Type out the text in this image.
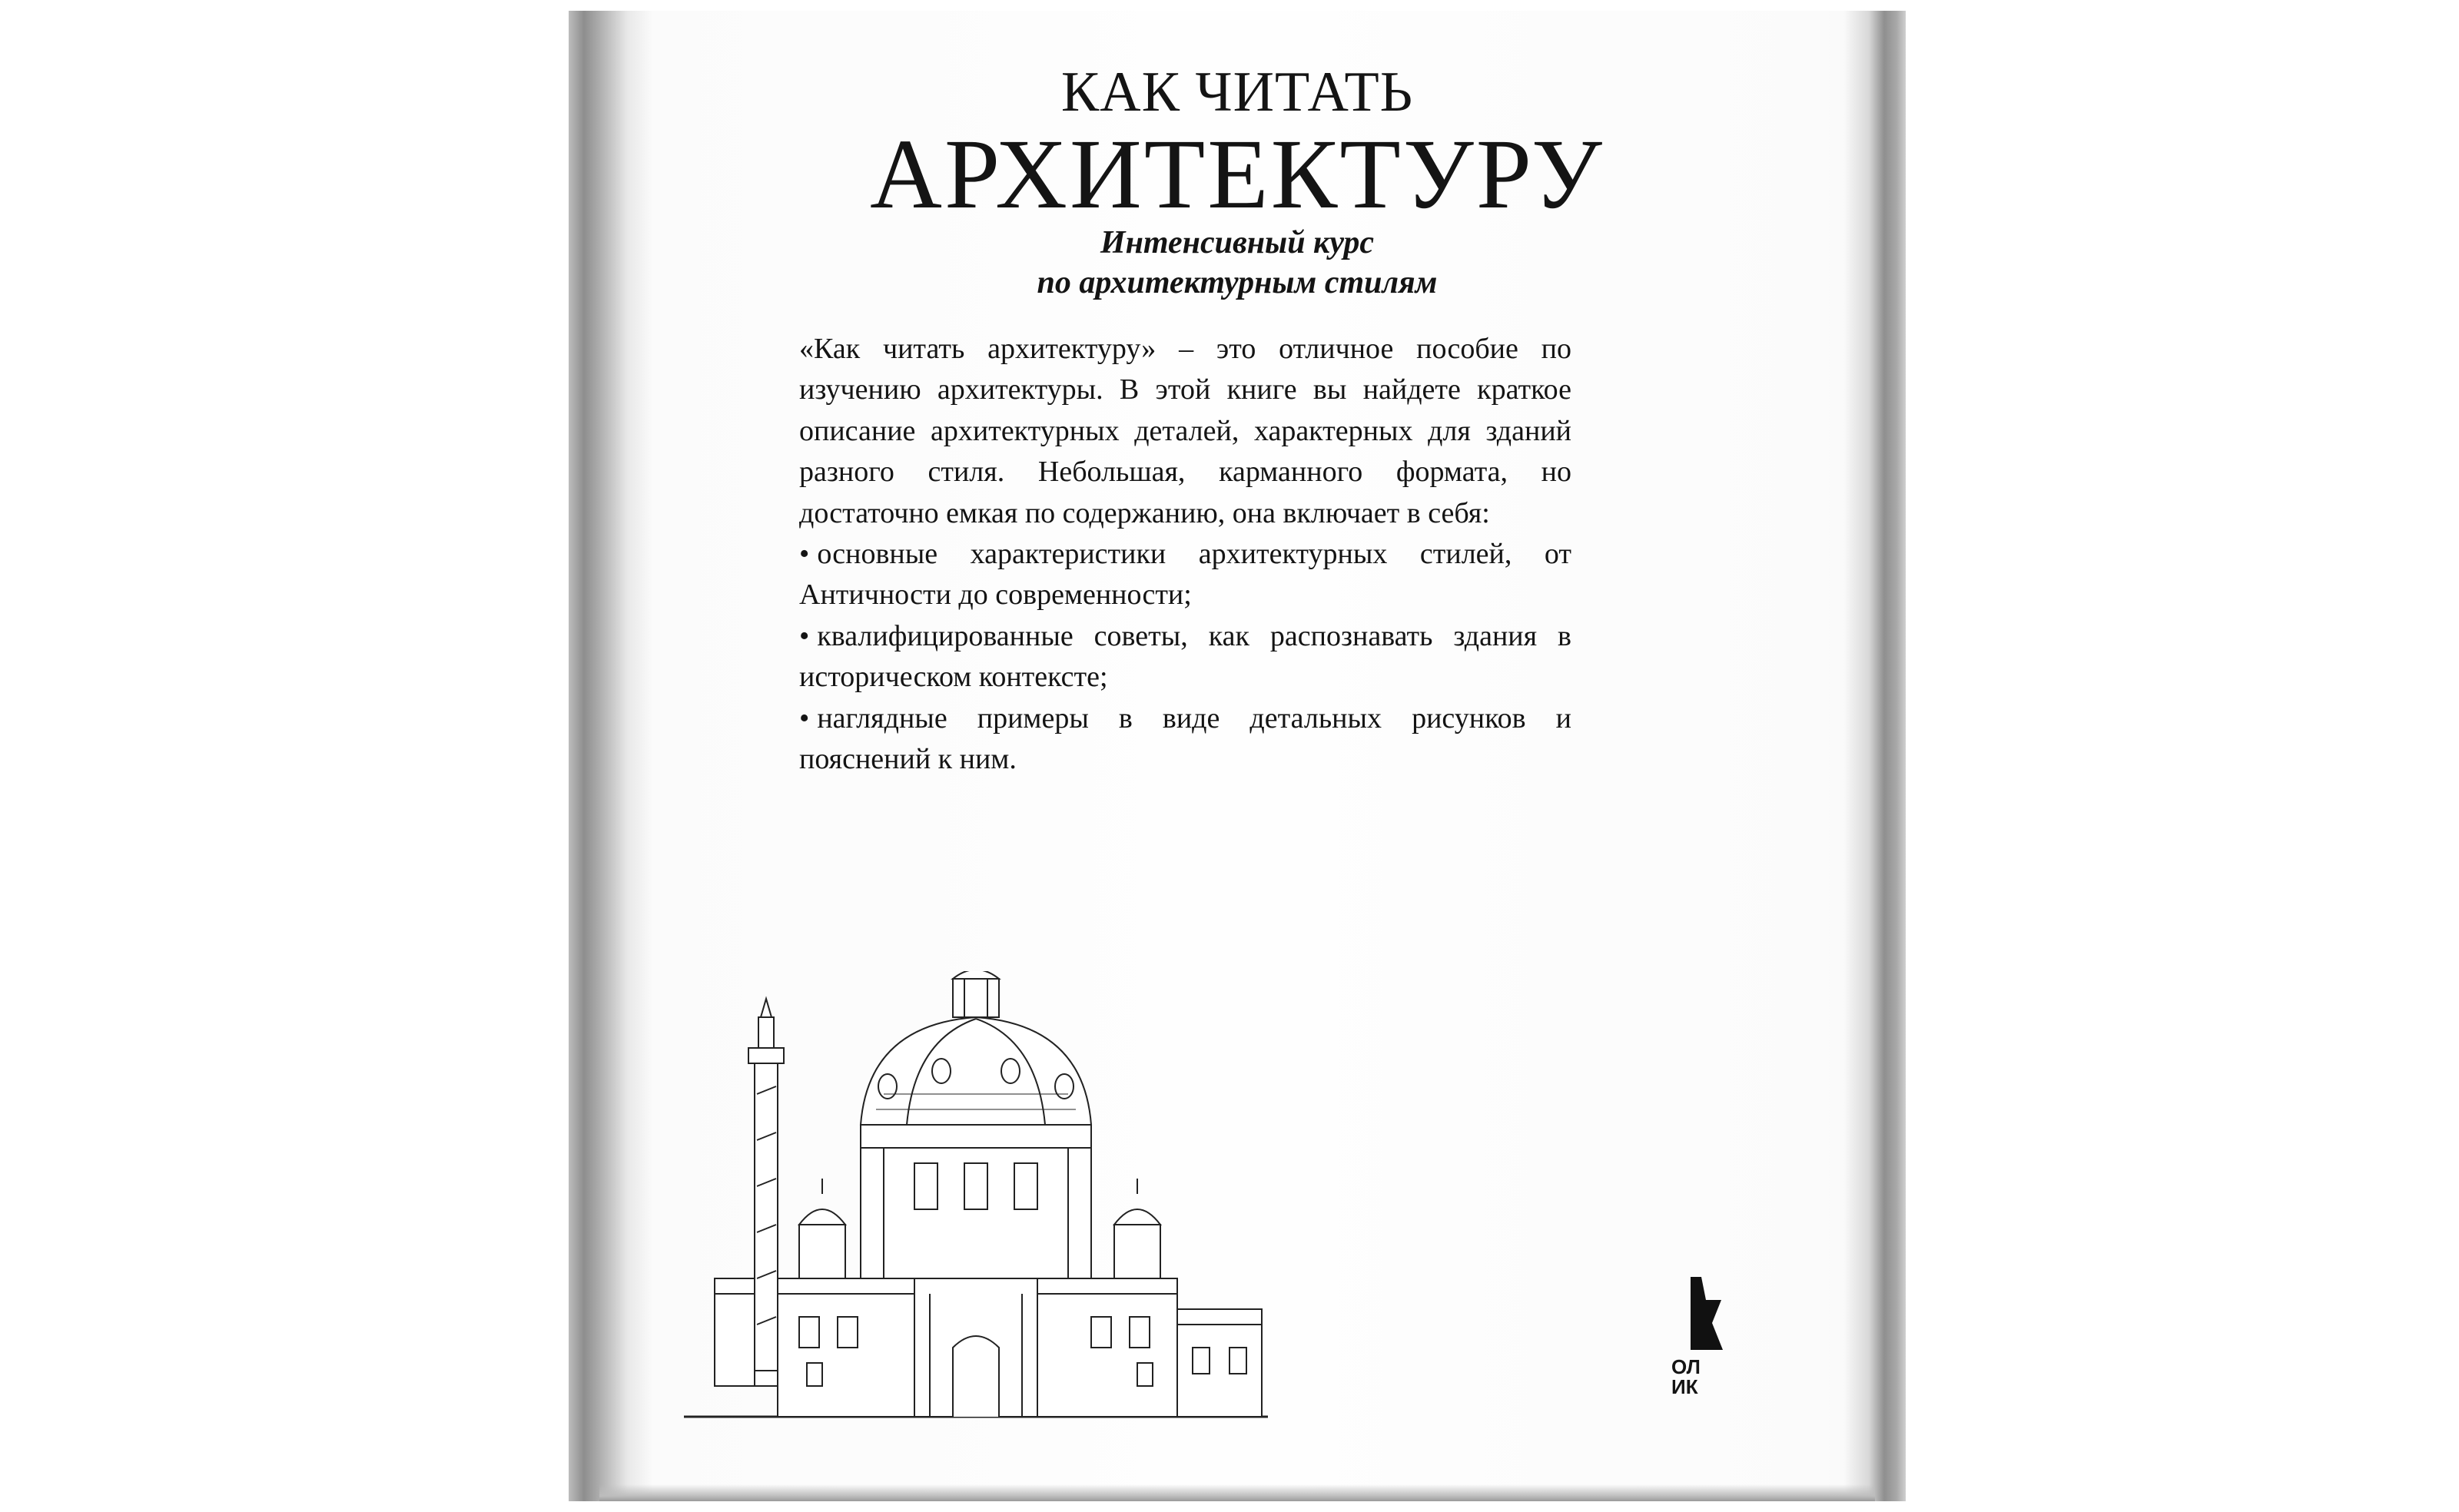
КАК ЧИТАТЬ
АРХИТЕКТУРУ
Интенсивный курс
по архитектурным стилям

«Как читать архитектуру» – это отличное пособие по изучению архитектуры. В этой книге вы найдете краткое описание архитектурных деталей, характерных для зданий разного стиля. Небольшая, карманного формата, но достаточно емкая по содержанию, она включает в себя:

• основные характеристики архитектурных стилей, от Античности до современности;
• квалифицированные советы, как распознавать здания в историческом контексте;
• наглядные примеры в виде детальных рисунков и пояснений к ним.
ОЛ
ИК
